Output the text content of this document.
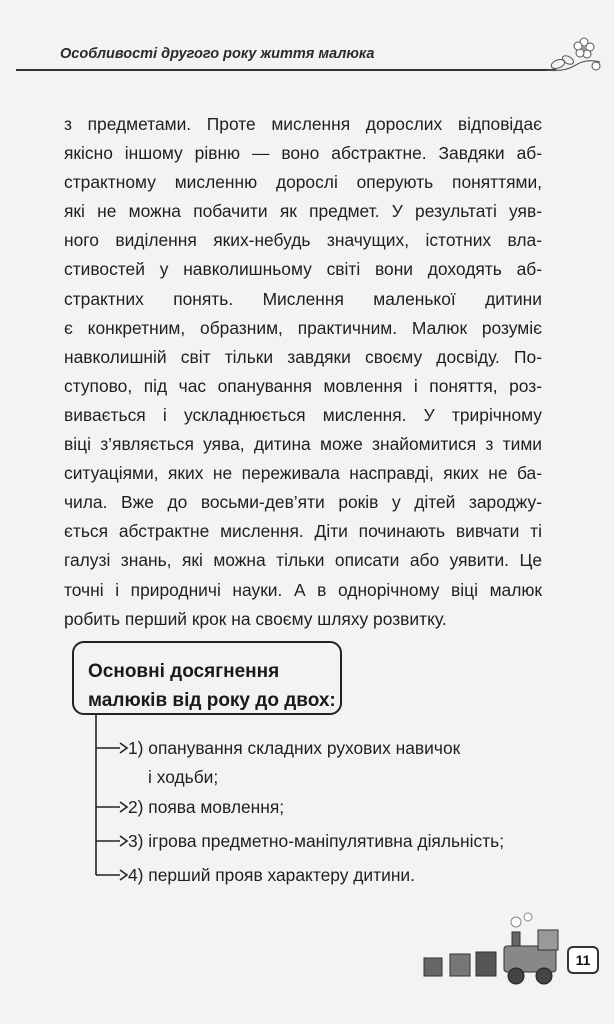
Особливості другого року життя малюка
з предметами. Проте мислення дорослих відповідає
якісно іншому рівню — воно абстрактне. Завдяки аб-
страктному мисленню дорослі оперують поняттями,
які не можна побачити як предмет. У результаті уяв-
ного виділення яких-небудь значущих, істотних вла-
стивостей у навколишньому світі вони доходять аб-
страктних понять. Мислення маленької дитини
є конкретним, образним, практичним. Малюк розуміє
навколишній світ тільки завдяки своєму досвіду. По-
ступово, під час опанування мовлення і поняття, роз-
вивається і ускладнюється мислення. У трирічному
віці з’являється уява, дитина може знайомитися з тими
ситуаціями, яких не переживала насправді, яких не ба-
чила. Вже до восьми-дев’яти років у дітей зароджу-
ється абстрактне мислення. Діти починають вивчати ті
галузі знань, які можна тільки описати або уявити. Це
точні і природничі науки. А в однорічному віці малюк
робить перший крок на своєму шляху розвитку.
Основні досягнення
малюків від року до двох:
1) опанування складних рухових навичок
і ходьби;
2) поява мовлення;
3) ігрова предметно-маніпулятивна діяльність;
4) перший прояв характеру дитини.
11
